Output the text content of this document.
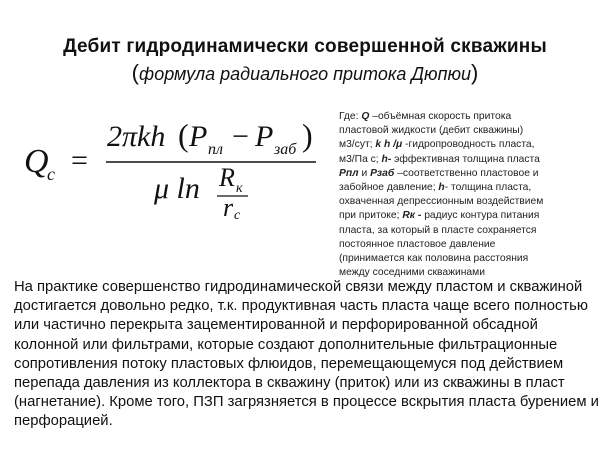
Дебит гидродинамически совершенной скважины
(формула радиального притока Дюпюи)
Q
c =
2πkh ( P пл − P заб )
μ ln R к
r c
Где: Q –объёмная скорость притока
пластовой жидкости (дебит скважины)
м3/сут; k h /μ -гидропроводность пласта,
м3/Па с; h- эффективная толщина пласта
Pпл и Pзаб –соответственно пластовое и
забойное давление; h- толщина пласта,
охваченная депрессионным воздействием
при притоке; Rк - радиус контура питания
пласта, за который в пласте сохраняется
постоянное пластовое давление
(принимается как половина расстояния
между соседними скважинами
На практике совершенство гидродинамической связи между пластом и скважиной достигается довольно редко, т.к. продуктивная часть пласта чаще всего полностью или частично перекрыта зацементированной и перфорированной обсадной колонной или фильтрами, которые создают дополнительные фильтрационные сопротивления потоку пластовых флюидов, перемещающемуся под действием перепада давления из коллектора в скважину (приток) или из скважины в пласт (нагнетание). Кроме того, ПЗП загрязняется в процессе вскрытия пласта бурением и перфорацией.
